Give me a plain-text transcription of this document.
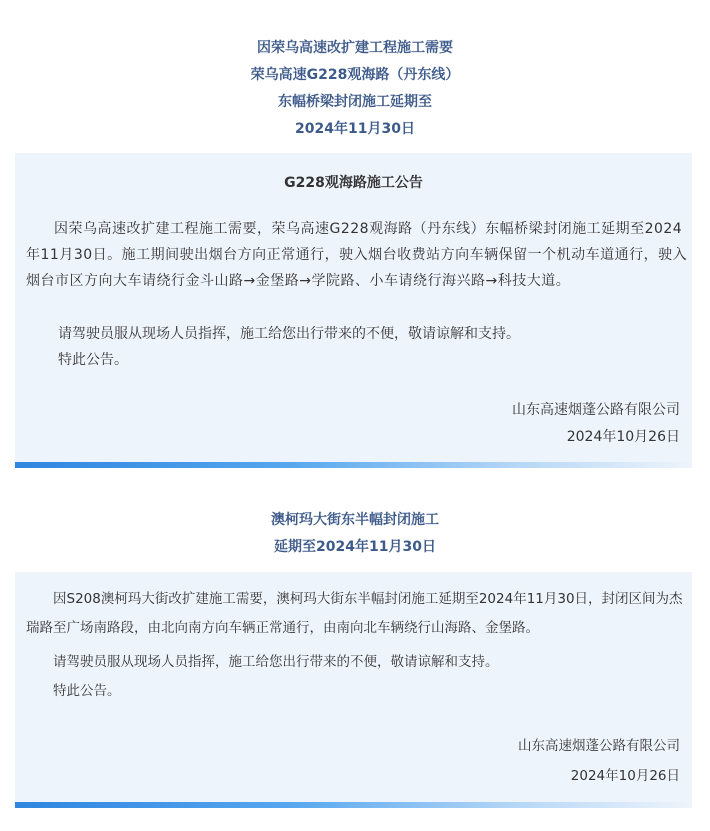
因荣乌高速改扩建工程施工需要
荣乌高速G228观海路（丹东线）
东幅桥梁封闭施工延期至
2024年11月30日
G228观海路施工公告

因荣乌高速改扩建工程施工需要，荣乌高速G228观海路（丹东线）东幅桥梁封闭施工延期至2024年11月30日。施工期间驶出烟台方向正常通行，驶入烟台收费站方向车辆保留一个机动车道通行，驶入烟台市区方向大车请绕行金斗山路→金堡路→学院路、小车请绕行海兴路→科技大道。

请驾驶员服从现场人员指挥，施工给您出行带来的不便，敬请谅解和支持。
特此公告。
山东高速烟蓬公路有限公司
2024年10月26日
澳柯玛大街东半幅封闭施工
延期至2024年11月30日

因S208澳柯玛大街改扩建施工需要，澳柯玛大街东半幅封闭施工延期至2024年11月30日，封闭区间为杰瑞路至广场南路段，由北向南方向车辆正常通行，由南向北车辆绕行山海路、金堡路。

请驾驶员服从现场人员指挥，施工给您出行带来的不便，敬请谅解和支持。
特此公告。
山东高速烟蓬公路有限公司
2024年10月26日
